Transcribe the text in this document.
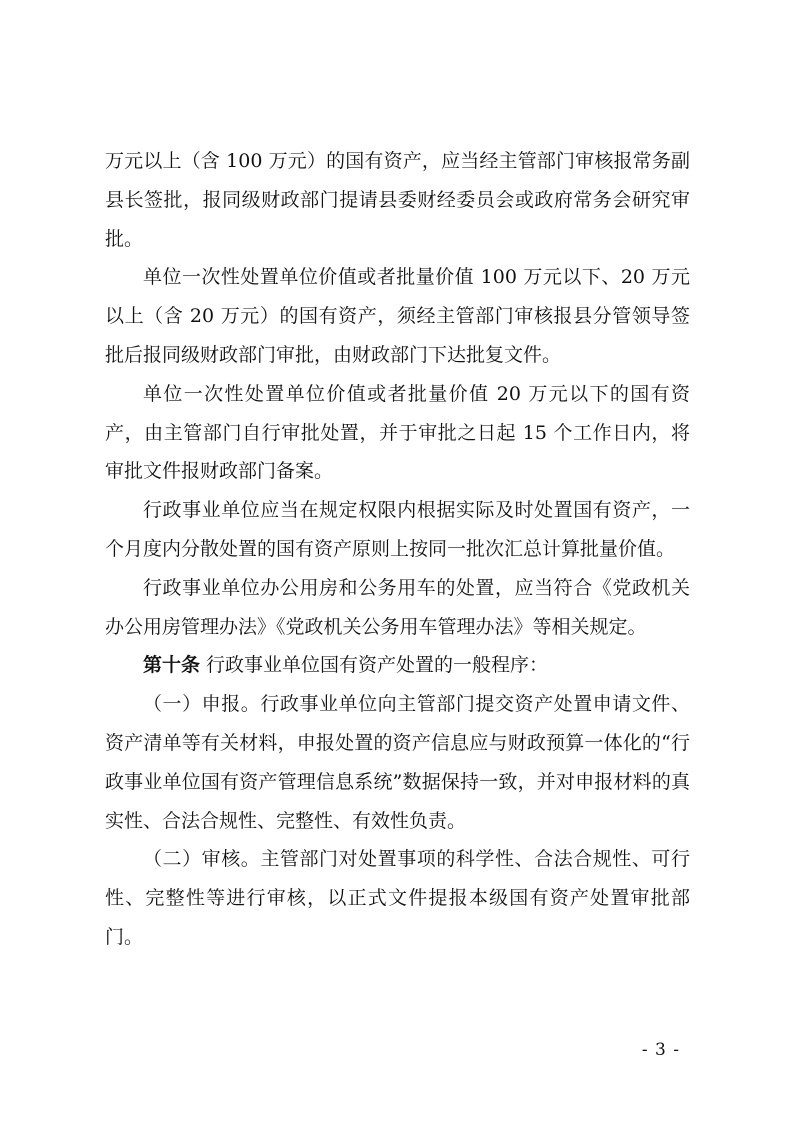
万元以上（含 100 万元）的国有资产，应当经主管部门审核报常务副县长签批，报同级财政部门提请县委财经委员会或政府常务会研究审批。

单位一次性处置单位价值或者批量价值 100 万元以下、20 万元以上（含 20 万元）的国有资产，须经主管部门审核报县分管领导签批后报同级财政部门审批，由财政部门下达批复文件。

单位一次性处置单位价值或者批量价值 20 万元以下的国有资产，由主管部门自行审批处置，并于审批之日起 15 个工作日内，将审批文件报财政部门备案。

行政事业单位应当在规定权限内根据实际及时处置国有资产，一个月度内分散处置的国有资产原则上按同一批次汇总计算批量价值。

行政事业单位办公用房和公务用车的处置，应当符合《党政机关办公用房管理办法》《党政机关公务用车管理办法》等相关规定。

第十条 行政事业单位国有资产处置的一般程序：

（一）申报。行政事业单位向主管部门提交资产处置申请文件、资产清单等有关材料，申报处置的资产信息应与财政预算一体化的“行政事业单位国有资产管理信息系统”数据保持一致，并对申报材料的真实性、合法合规性、完整性、有效性负责。

（二）审核。主管部门对处置事项的科学性、合法合规性、可行性、完整性等进行审核，以正式文件提报本级国有资产处置审批部门。

- 3 -
